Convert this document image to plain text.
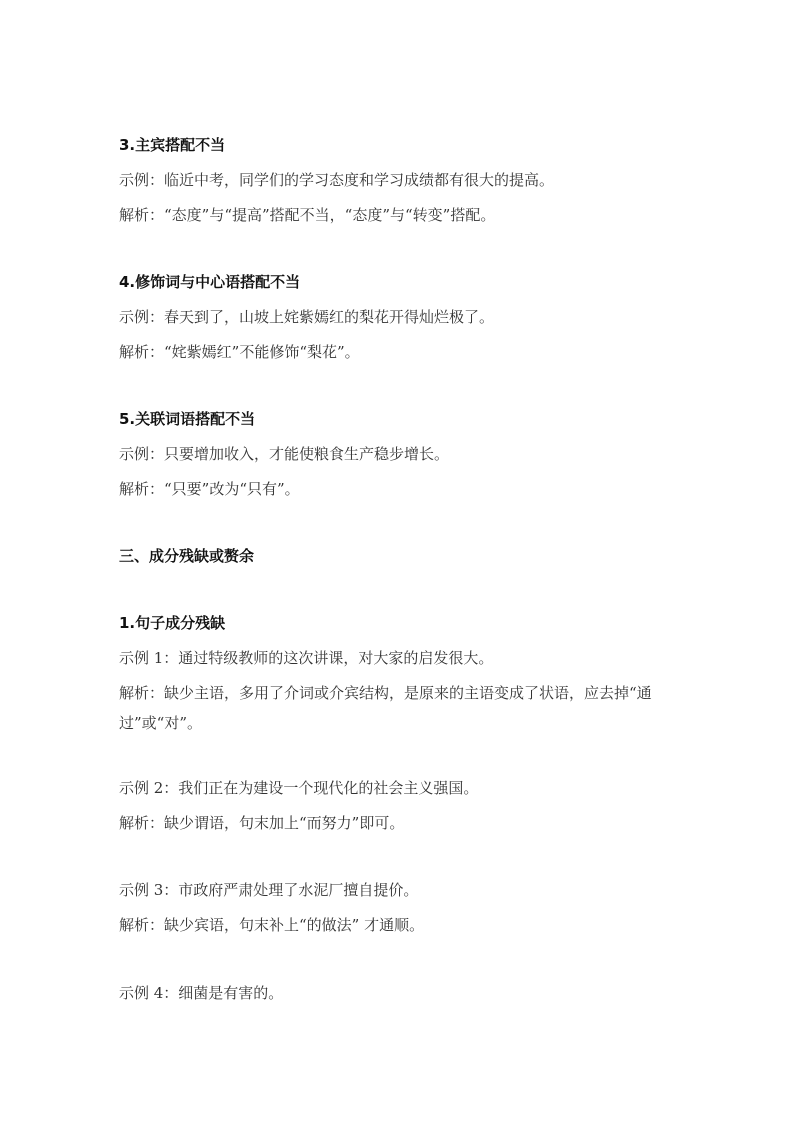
3.主宾搭配不当
示例：临近中考，同学们的学习态度和学习成绩都有很大的提高。
解析：“态度”与“提高”搭配不当，“态度”与“转变”搭配。
4.修饰词与中心语搭配不当
示例：春天到了，山坡上姹紫嫣红的梨花开得灿烂极了。
解析：“姹紫嫣红”不能修饰“梨花”。
5.关联词语搭配不当
示例：只要增加收入，才能使粮食生产稳步增长。
解析：“只要”改为“只有”。
三、成分残缺或赘余
1.句子成分残缺
示例 1：通过特级教师的这次讲课，对大家的启发很大。
解析：缺少主语，多用了介词或介宾结构，是原来的主语变成了状语，应去掉“通
过”或“对”。
示例 2：我们正在为建设一个现代化的社会主义强国。
解析：缺少谓语，句末加上“而努力”即可。
示例 3：市政府严肃处理了水泥厂擅自提价。
解析：缺少宾语，句末补上“的做法” 才通顺。
示例 4：细菌是有害的。
